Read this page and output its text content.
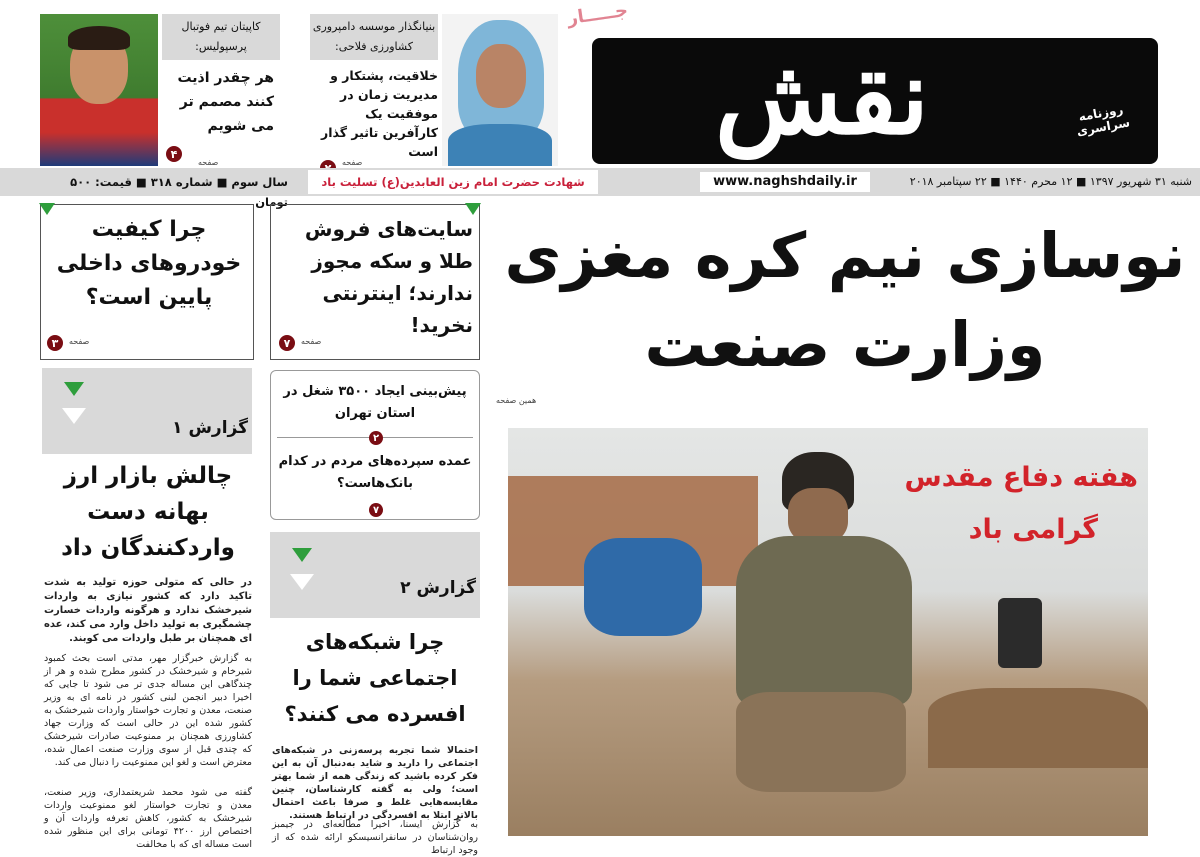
کاپیتان تیم فوتبال پرسپولیس:
هر چقدر اذیت کنند مصمم تر می شویم
۴
صفحه
بنیانگذار موسسه دامپروری کشاورزی فلاحی:
خلاقیت، پشتکار و مدیریت زمان در موفقیت یک کارآفرین تاثیر گذار است
صفحه
جـــــار
نقش	روزنامه سراسری
www.naghshdaily.ir	شنبه ۳۱ شهریور ۱۳۹۷ ■ ۱۲ محرم ۱۴۴۰ ■ ۲۲ سپتامبر ۲۰۱۸
شهادت حضرت امام زین العابدین(ع) تسلیت باد
سال سوم ■ شماره ۳۱۸ ■ قیمت: ۵۰۰ تومان
نوسازی نیم کره مغزی
وزارت صنعت
همین صفحه
هفته دفاع مقدس
گرامی باد
سایت‌های فروش طلا و سکه مجوز ندارند؛ اینترنتی نخرید!
۷	صفحه
چرا کیفیت خودروهای داخلی پایین است؟
۳	صفحه
پیش‌بینی ایجاد ۳۵۰۰ شغل در استان تهران
۲
عمده سپرده‌های مردم در کدام بانک‌هاست؟
۷
گزارش ۱
چالش بازار ارز بهانه دست واردکنندگان داد
در حالی که متولی حوزه تولید به شدت تاکید دارد که کشور نیازی به واردات شیرخشک ندارد و هرگونه واردات خسارت چشمگیری به تولید داخل وارد می کند، عده ای همچنان بر طبل واردات می کوبند.
به گزارش خبرگزار مهر، مدتی است بحث کمبود شیرخام و شیرخشک در کشور مطرح شده و هر از چندگاهی این مساله جدی تر می شود تا جایی که اخیرا دبیر انجمن لبنی کشور در نامه ای به وزیر صنعت، معدن و تجارت خواستار واردات شیرخشک به کشور شده این در حالی است که وزارت جهاد کشاورزی همچنان بر ممنوعیت صادرات شیرخشک که چندی قبل از سوی وزارت صنعت اعمال شده، معترض است و لغو این ممنوعیت را دنبال می کند.
گفته می شود محمد شریعتمداری، وزیر صنعت، معدن و تجارت خواستار لغو ممنوعیت واردات شیرخشک به کشور، کاهش تعرفه واردات آن و اختصاص ارز ۴۲۰۰ تومانی برای این منظور شده است مساله ای که با مخالفت
گزارش ۲
چرا شبکه‌های اجتماعی شما را افسرده می کنند؟
احتمالا شما تجربه پرسه‌زنی در شبکه‌های اجتماعی را دارید و شاید به‌دنبال آن به این فکر کرده باشید که زندگی همه از شما بهتر است؛ ولی به گفته کارشناسان، چنین مقایسه‌هایی غلط و صرفا باعث احتمال بالاتر ابتلا به افسردگی در ارتباط هستند.
به گزارش ایسنا، اخیرا مطالعه‌ای در جیمبز روان‌شناسان در سانفرانسیسکو ارائه شده که از وجود ارتباط
